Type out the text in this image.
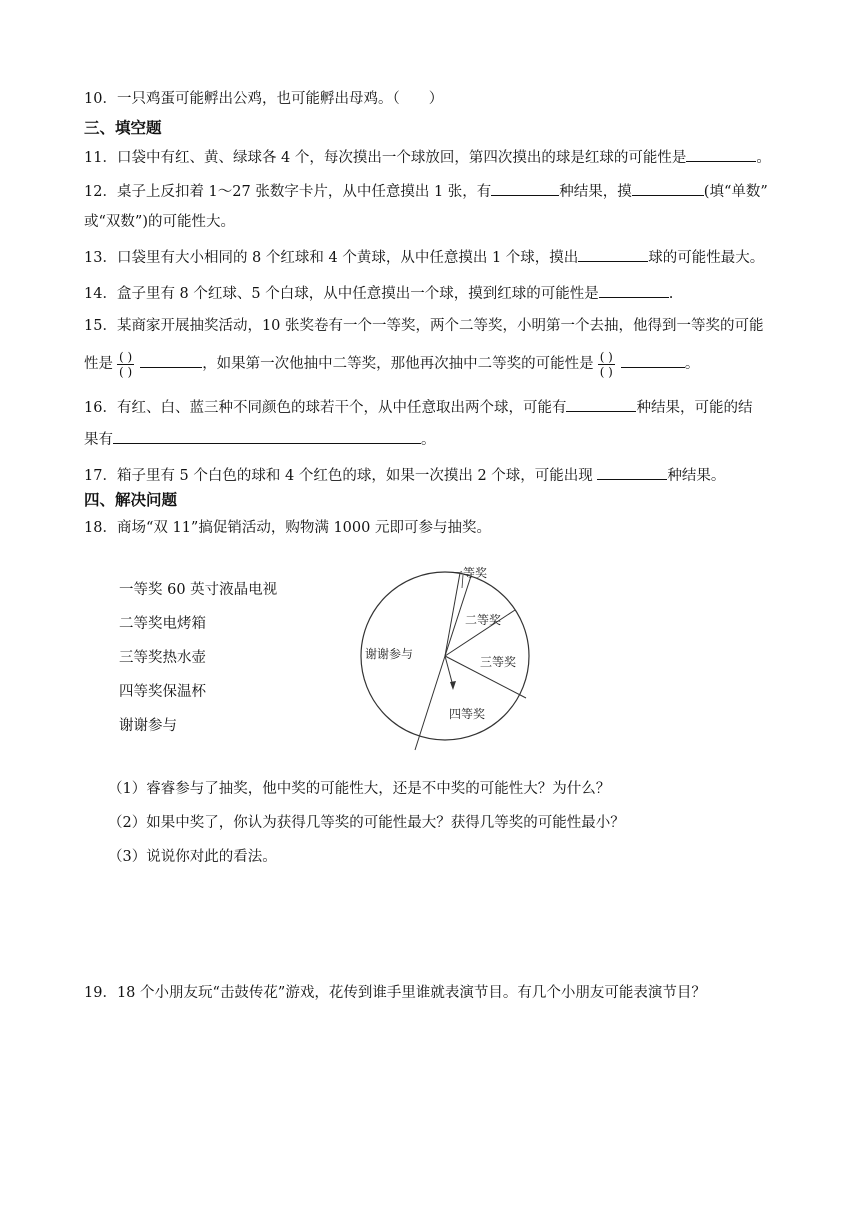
10．一只鸡蛋可能孵出公鸡，也可能孵出母鸡。（　　）
三、填空题
11．口袋中有红、黄、绿球各 4 个，每次摸出一个球放回，第四次摸出的球是红球的可能性是	。
12．桌子上反扣着 1～27 张数字卡片，从中任意摸出 1 张，有	种结果，摸	(填“单数”
或“双数”)的可能性大。
13．口袋里有大小相同的 8 个红球和 4 个黄球，从中任意摸出 1 个球，摸出	球的可能性最大。
14．盒子里有 8 个红球、5 个白球，从中任意摸出一个球，摸到红球的可能性是	.
15．某商家开展抽奖活动，10 张奖卷有一个一等奖，两个二等奖，小明第一个去抽，他得到一等奖的可能
性是 $\frac{( )}{( )}$	，如果第一次他抽中二等奖，那他再次抽中二等奖的可能性是 $\frac{( )}{( )}$	。
16．有红、白、蓝三种不同颜色的球若干个，从中任意取出两个球，可能有	种结果，可能的结
果有	。
17．箱子里有 5 个白色的球和 4 个红色的球，如果一次摸出 2 个球，可能出现	种结果。
四、解决问题
18．商场“双 11”搞促销活动，购物满 1000 元即可参与抽奖。
一等奖 60 英寸液晶电视
二等奖电烤箱
三等奖热水壶
四等奖保温杯
谢谢参与
一等奖
二等奖
三等奖
四等奖
谢谢参与
（1）睿睿参与了抽奖，他中奖的可能性大，还是不中奖的可能性大？为什么？
（2）如果中奖了，你认为获得几等奖的可能性最大？获得几等奖的可能性最小？
（3）说说你对此的看法。
19．18 个小朋友玩“击鼓传花”游戏，花传到谁手里谁就表演节目。有几个小朋友可能表演节目？
